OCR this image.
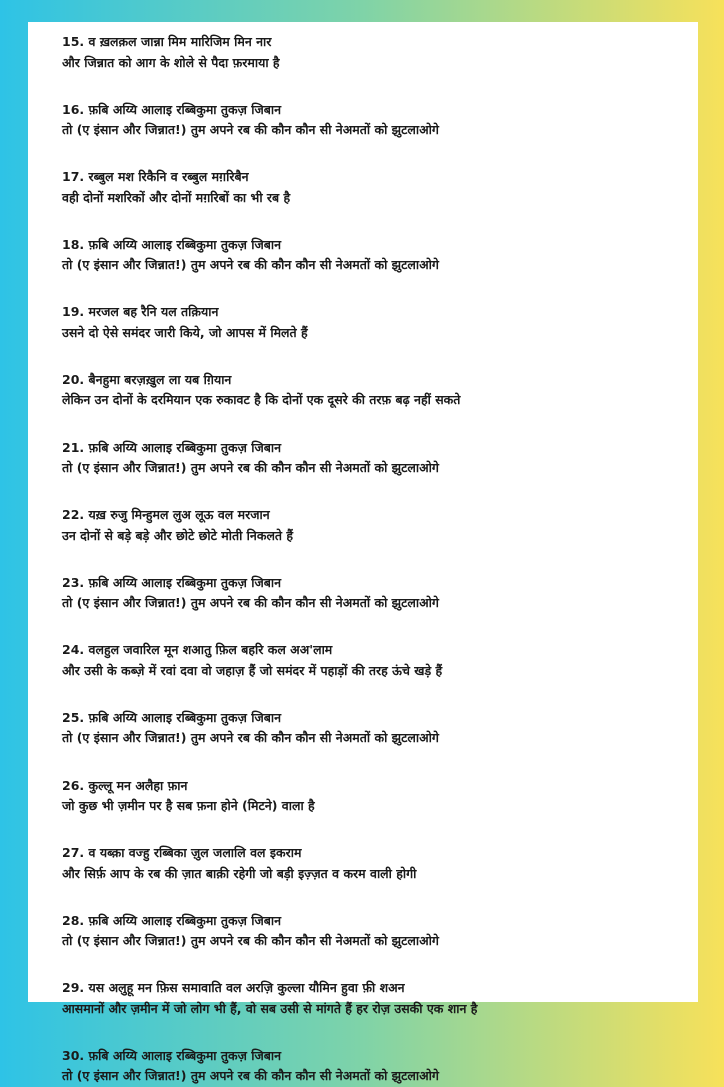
15 . व ख़लक़ल जान्ना मिम मारिजिम मिन नार
और जिन्नात को आग के शोले से पैदा फ़रमाया है
16 . फ़बि अय्यि आलाइ रब्बिकुमा तुकज़ जिबान
तो (ए इंसान और जिन्नात!) तुम अपने रब की कौन कौन सी नेअमतों को झुटलाओगे
17 . रब्बुल मश रिकैनि व रब्बुल मग़रिबैन
वही दोनों मशरिकों और दोनों मग़रिबों का भी रब है
18 . फ़बि अय्यि आलाइ रब्बिकुमा तुकज़ जिबान
तो (ए इंसान और जिन्नात!) तुम अपने रब की कौन कौन सी नेअमतों को झुटलाओगे
19 . मरजल बह रैनि यल तक़ियान
उसने दो ऐसे समंदर जारी किये, जो आपस में मिलते हैं
20 . बैनहुमा बरज़ख़ुल ला यब ग़ियान
लेकिन उन दोनों के दरमियान एक रुकावट है कि दोनों एक दूसरे की तरफ़ बढ़ नहीं सकते
21 . फ़बि अय्यि आलाइ रब्बिकुमा तुकज़ जिबान
तो (ए इंसान और जिन्नात!) तुम अपने रब की कौन कौन सी नेअमतों को झुटलाओगे
22 . यख़ रुजु मिन्हुमल लुअ लूऊ वल मरजान
उन दोनों से बड़े बड़े और छोटे छोटे मोती निकलते हैं
23 . फ़बि अय्यि आलाइ रब्बिकुमा तुकज़ जिबान
तो (ए इंसान और जिन्नात!) तुम अपने रब की कौन कौन सी नेअमतों को झुटलाओगे
24 . वलहुल जवारिल मून शआतु फ़िल बहरि कल अअ'लाम
और उसी के कब्ज़े में रवां दवा वो जहाज़ हैं जो समंदर में पहाड़ों की तरह ऊंचे खड़े हैं
25 . फ़बि अय्यि आलाइ रब्बिकुमा तुकज़ जिबान
तो (ए इंसान और जिन्नात!) तुम अपने रब की कौन कौन सी नेअमतों को झुटलाओगे
26 . कुल्लू मन अलैहा फ़ान
जो कुछ भी ज़मीन पर है सब फ़ना होने (मिटने) वाला है
27 . व यब्क़ा वज्हु रब्बिका ज़ुल जलालि वल इकराम
और सिर्फ़ आप के रब की ज़ात बाक़ी रहेगी जो बड़ी इज़्ज़त व करम वाली होगी
28 . फ़बि अय्यि आलाइ रब्बिकुमा तुकज़ जिबान
तो (ए इंसान और जिन्नात!) तुम अपने रब की कौन कौन सी नेअमतों को झुटलाओगे
29 . यस अलुहू मन फ़िस समावाति वल अरज़ि कुल्ला यौमिन हुवा फ़ी शअन
आसमानों और ज़मीन में जो लोग भी हैं, वो सब उसी से मांगते हैं हर रोज़ उसकी एक शान है
30 . फ़बि अय्यि आलाइ रब्बिकुमा तुकज़ जिबान
तो (ए इंसान और जिन्नात!) तुम अपने रब की कौन कौन सी नेअमतों को झुटलाओगे
